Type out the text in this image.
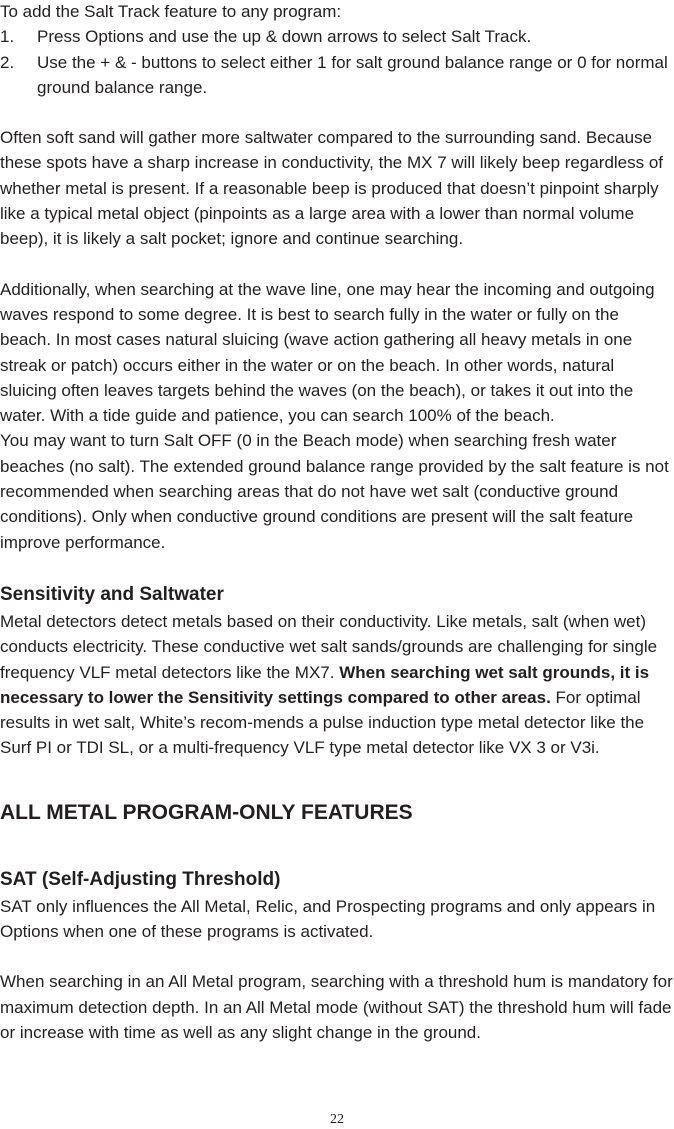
To add the Salt Track feature to any program:

1. Press Options and use the up & down arrows to select Salt Track.
2. Use the + & - buttons to select either 1 for salt ground balance range or 0 for normal ground balance range.

Often soft sand will gather more saltwater compared to the surrounding sand. Because these spots have a sharp increase in conductivity, the MX 7 will likely beep regardless of whether metal is present. If a reasonable beep is produced that doesn’t pinpoint sharply like a typical metal object (pinpoints as a large area with a lower than normal volume beep), it is likely a salt pocket; ignore and continue searching.

Additionally, when searching at the wave line, one may hear the incoming and outgoing waves respond to some degree. It is best to search fully in the water or fully on the beach. In most cases natural sluicing (wave action gathering all heavy metals in one streak or patch) occurs either in the water or on the beach. In other words, natural sluicing often leaves targets behind the waves (on the beach), or takes it out into the water. With a tide guide and patience, you can search 100% of the beach.

You may want to turn Salt OFF (0 in the Beach mode) when searching fresh water beaches (no salt). The extended ground balance range provided by the salt feature is not recommended when searching areas that do not have wet salt (conductive ground conditions). Only when conductive ground conditions are present will the salt feature improve performance.

Sensitivity and Saltwater

Metal detectors detect metals based on their conductivity. Like metals, salt (when wet) conducts electricity. These conductive wet salt sands/grounds are challenging for single frequency VLF metal detectors like the MX7. When searching wet salt grounds, it is necessary to lower the Sensitivity settings compared to other areas. For optimal results in wet salt, White’s recom-mends a pulse induction type metal detector like the Surf PI or TDI SL, or a multi-frequency VLF type metal detector like VX 3 or V3i.

ALL METAL PROGRAM-ONLY FEATURES

SAT (Self-Adjusting Threshold)

SAT only influences the All Metal, Relic, and Prospecting programs and only appears in Options when one of these programs is activated.

When searching in an All Metal program, searching with a threshold hum is mandatory for maximum detection depth. In an All Metal mode (without SAT) the threshold hum will fade or increase with time as well as any slight change in the ground.

22
